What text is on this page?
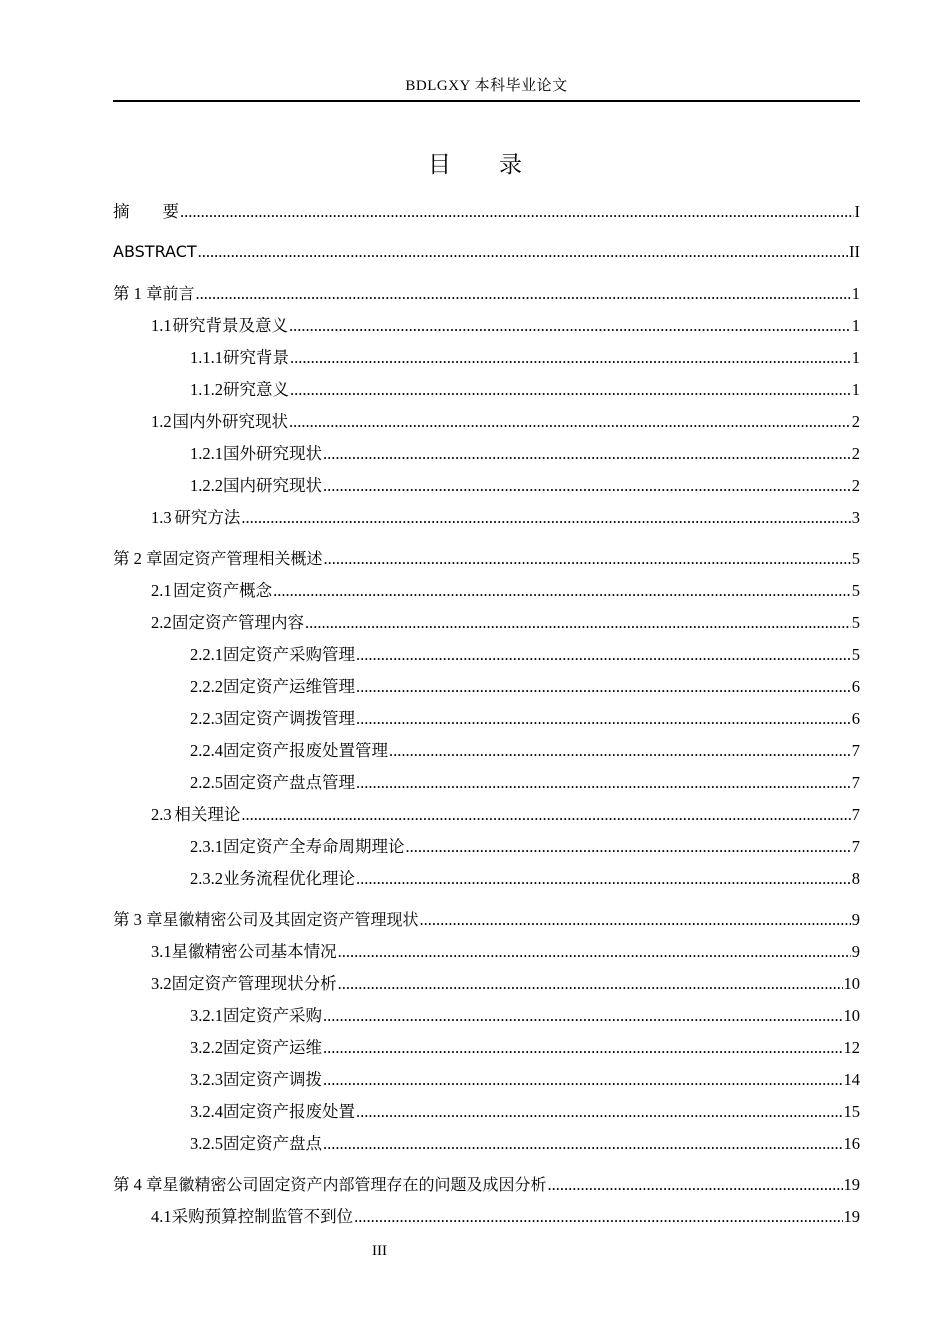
BDLGXY 本科毕业论文
目 录
摘　　要 .....	I
ABSTRACT .....	II
第 1 章 前言 .....	1
1.1 研究背景及意义 .....	1
1.1.1 研究背景 .....	1
1.1.2 研究意义 .....	1
1.2 国内外研究现状 .....	2
1.2.1 国外研究现状 .....	2
1.2.2 国内研究现状 .....	2
1.3 研究方法 .....	3
第 2 章 固定资产管理相关概述 .....	5
2.1 固定资产概念 .....	5
2.2 固定资产管理内容 .....	5
2.2.1 固定资产采购管理 .....	5
2.2.2 固定资产运维管理 .....	6
2.2.3 固定资产调拨管理 .....	6
2.2.4 固定资产报废处置管理 .....	7
2.2.5 固定资产盘点管理 .....	7
2.3 相关理论 .....	7
2.3.1 固定资产全寿命周期理论 .....	7
2.3.2 业务流程优化理论 .....	8
第 3 章 星徽精密公司及其固定资产管理现状 .....	9
3.1 星徽精密公司基本情况 .....	9
3.2 固定资产管理现状分析 .....	10
3.2.1 固定资产采购 .....	10
3.2.2 固定资产运维 .....	12
3.2.3 固定资产调拨 .....	14
3.2.4 固定资产报废处置 .....	15
3.2.5 固定资产盘点 .....	16
第 4 章 星徽精密公司固定资产内部管理存在的问题及成因分析 .....	19
4.1 采购预算控制监管不到位 .....	19
III
